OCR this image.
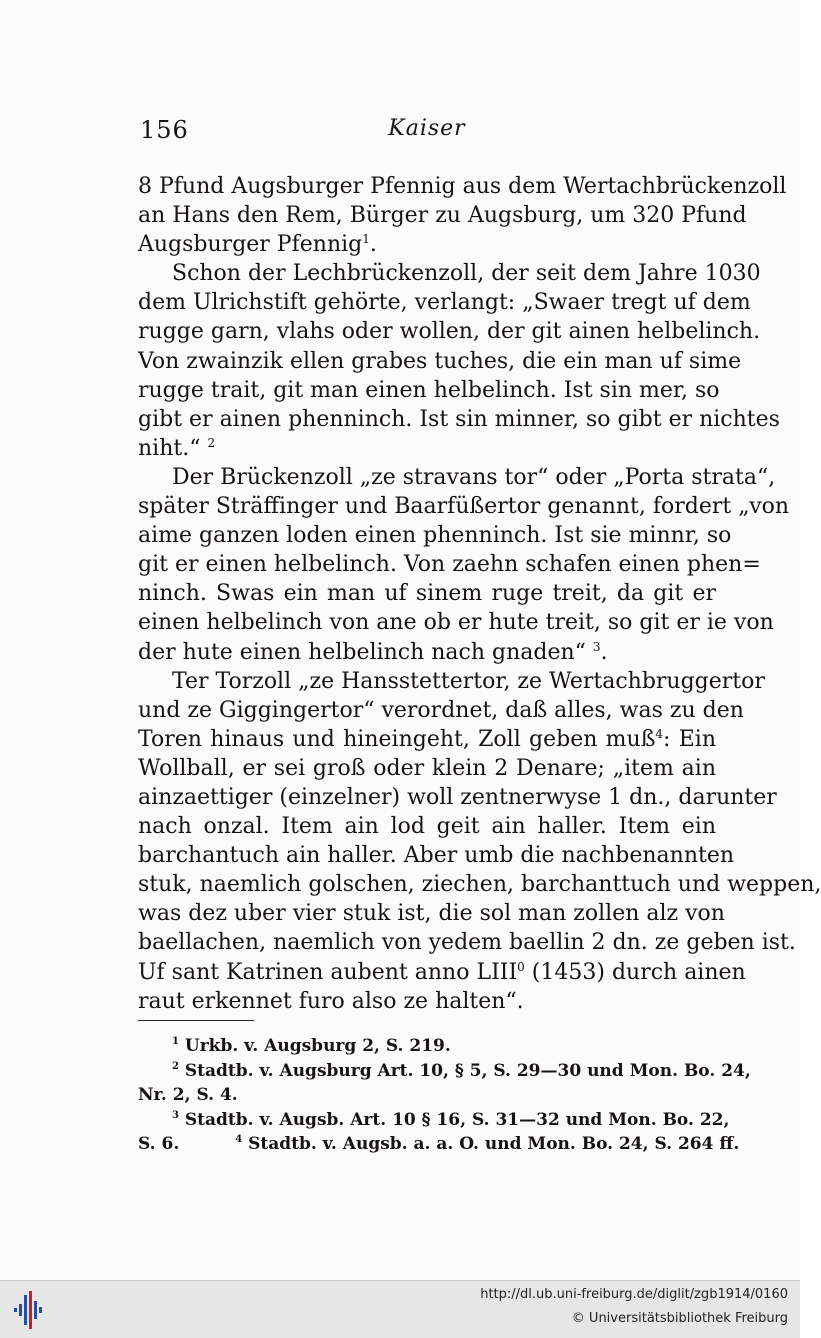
156	Kaiser
8 Pfund Augsburger Pfennig aus dem Wertachbrückenzoll
an Hans den Rem, Bürger zu Augsburg, um 320 Pfund
Augsburger Pfennig$^1$.
Schon der Lechbrückenzoll, der seit dem Jahre 1030
dem Ulrichstift gehörte, verlangt: „Swaer tregt uf dem
rugge garn, vlahs oder wollen, der git ainen helbelinch.
Von zwainzik ellen grabes tuches, die ein man uf sime
rugge trait, git man einen helbelinch. Ist sin mer, so
gibt er ainen phenninch. Ist sin minner, so gibt er nichtes
niht.“ $^2$
Der Brückenzoll „ze stravans tor“ oder „Porta strata“,
später Sträffinger und Baarfüßertor genannt, fordert „von
aime ganzen loden einen phenninch. Ist sie minnr, so
git er einen helbelinch. Von zaehn schafen einen phen=
ninch. Swas ein man uf sinem ruge treit, da git er
einen helbelinch von ane ob er hute treit, so git er ie von
der hute einen helbelinch nach gnaden“ $^3$.
Ter Torzoll „ze Hansstettertor, ze Wertachbruggertor
und ze Giggingertor“ verordnet, daß alles, was zu den
Toren hinaus und hineingeht, Zoll geben muß$^4$: Ein
Wollball, er sei groß oder klein 2 Denare; „item ain
ainzaettiger (einzelner) woll zentnerwyse 1 dn., darunter
nach onzal. Item ain lod geit ain haller. Item ein
barchantuch ain haller. Aber umb die nachbenannten
stuk, naemlich golschen, ziechen, barchanttuch und weppen,
was dez uber vier stuk ist, die sol man zollen alz von
baellachen, naemlich von yedem baellin 2 dn. ze geben ist.
Uf sant Katrinen aubent anno LIII$^0$ (1453) durch ainen
raut erkennet furo also ze halten“.
$^1$ Urkb. v. Augsburg 2, S. 219.
$^2$ Stadtb. v. Augsburg Art. 10, § 5, S. 29—30 und Mon. Bo. 24,
Nr. 2, S. 4.
$^3$ Stadtb. v. Augsb. Art. 10 § 16, S. 31—32 und Mon. Bo. 22,
S. 6.	$^4$ Stadtb. v. Augsb. a. a. O. und Mon. Bo. 24, S. 264 ff.
http://dl.ub.uni-freiburg.de/diglit/zgb1914/0160
© Universitätsbibliothek Freiburg
